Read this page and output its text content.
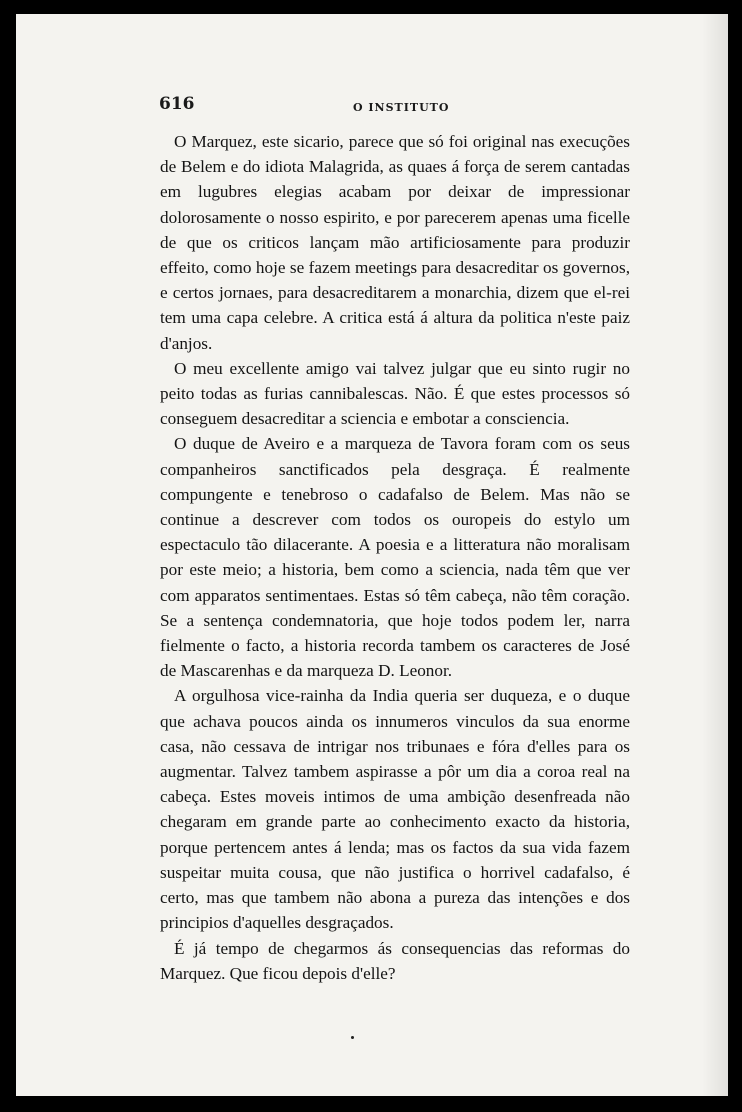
616	O INSTITUTO

O Marquez, este sicario, parece que só foi original nas execuções de Belem e do idiota Malagrida, as quaes á força de serem cantadas em lugubres elegias acabam por deixar de impressionar dolorosamente o nosso espirito, e por parecerem apenas uma ficelle de que os criticos lançam mão artificiosamente para produzir effeito, como hoje se fazem meetings para desacreditar os governos, e certos jornaes, para desacreditarem a monarchia, dizem que el-rei tem uma capa celebre. A critica está á altura da politica n'este paiz d'anjos.

O meu excellente amigo vai talvez julgar que eu sinto rugir no peito todas as furias cannibalescas. Não. É que estes processos só conseguem desacreditar a sciencia e embotar a consciencia.

O duque de Aveiro e a marqueza de Tavora foram com os seus companheiros sanctificados pela desgraça. É realmente compungente e tenebroso o cadafalso de Belem. Mas não se continue a descrever com todos os ouropeis do estylo um espectaculo tão dilacerante. A poesia e a litteratura não moralisam por este meio; a historia, bem como a sciencia, nada têm que ver com apparatos sentimentaes. Estas só têm cabeça, não têm coração. Se a sentença condemnatoria, que hoje todos podem ler, narra fielmente o facto, a historia recorda tambem os caracteres de José de Mascarenhas e da marqueza D. Leonor.

A orgulhosa vice-rainha da India queria ser duqueza, e o duque que achava poucos ainda os innumeros vinculos da sua enorme casa, não cessava de intrigar nos tribunaes e fóra d'elles para os augmentar. Talvez tambem aspirasse a pôr um dia a coroa real na cabeça. Estes moveis intimos de uma ambição desenfreada não chegaram em grande parte ao conhecimento exacto da historia, porque pertencem antes á lenda; mas os factos da sua vida fazem suspeitar muita cousa, que não justifica o horrivel cadafalso, é certo, mas que tambem não abona a pureza das intenções e dos principios d'aquelles desgraçados.

É já tempo de chegarmos ás consequencias das reformas do Marquez. Que ficou depois d'elle?
